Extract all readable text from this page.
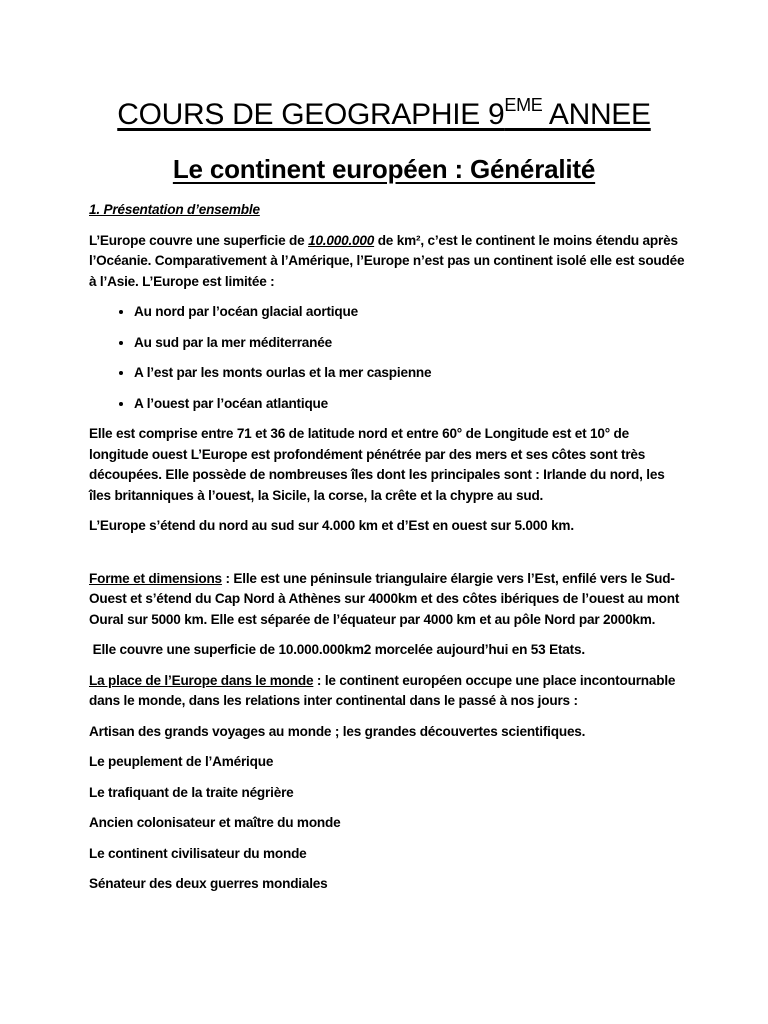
COURS DE GEOGRAPHIE 9EME ANNEE
Le continent européen : Généralité

1. Présentation d’ensemble

L’Europe couvre une superficie de 10.000.000 de km², c’est le continent le moins étendu après l’Océanie. Comparativement à l’Amérique, l’Europe n’est pas un continent isolé elle est soudée à l’Asie. L’Europe est limitée :

• Au nord par l’océan glacial aortique
• Au sud par la mer méditerranée
• A l’est par les monts ourlas et la mer caspienne
• A l’ouest par l’océan atlantique

Elle est comprise entre 71 et 36 de latitude nord et entre 60° de Longitude est et 10° de longitude ouest L’Europe est profondément pénétrée par des mers et ses côtes sont très découpées. Elle possède de nombreuses îles dont les principales sont : Irlande du nord, les îles britanniques à l’ouest, la Sicile, la corse, la crête et la chypre au sud.

L’Europe s’étend du nord au sud sur 4.000 km et d’Est en ouest sur 5.000 km.

Forme et dimensions : Elle est une péninsule triangulaire élargie vers l’Est, enfilé vers le Sud-Ouest et s’étend du Cap Nord à Athènes sur 4000km et des côtes ibériques de l’ouest au mont Oural sur 5000 km. Elle est séparée de l’équateur par 4000 km et au pôle Nord par 2000km.

Elle couvre une superficie de 10.000.000km2 morcelée aujourd’hui en 53 Etats.

La place de l’Europe dans le monde : le continent européen occupe une place incontournable dans le monde, dans les relations inter continental dans le passé à nos jours :

Artisan des grands voyages au monde ; les grandes découvertes scientifiques.

Le peuplement de l’Amérique

Le trafiquant de la traite négrière

Ancien colonisateur et maître du monde

Le continent civilisateur du monde

Sénateur des deux guerres mondiales
